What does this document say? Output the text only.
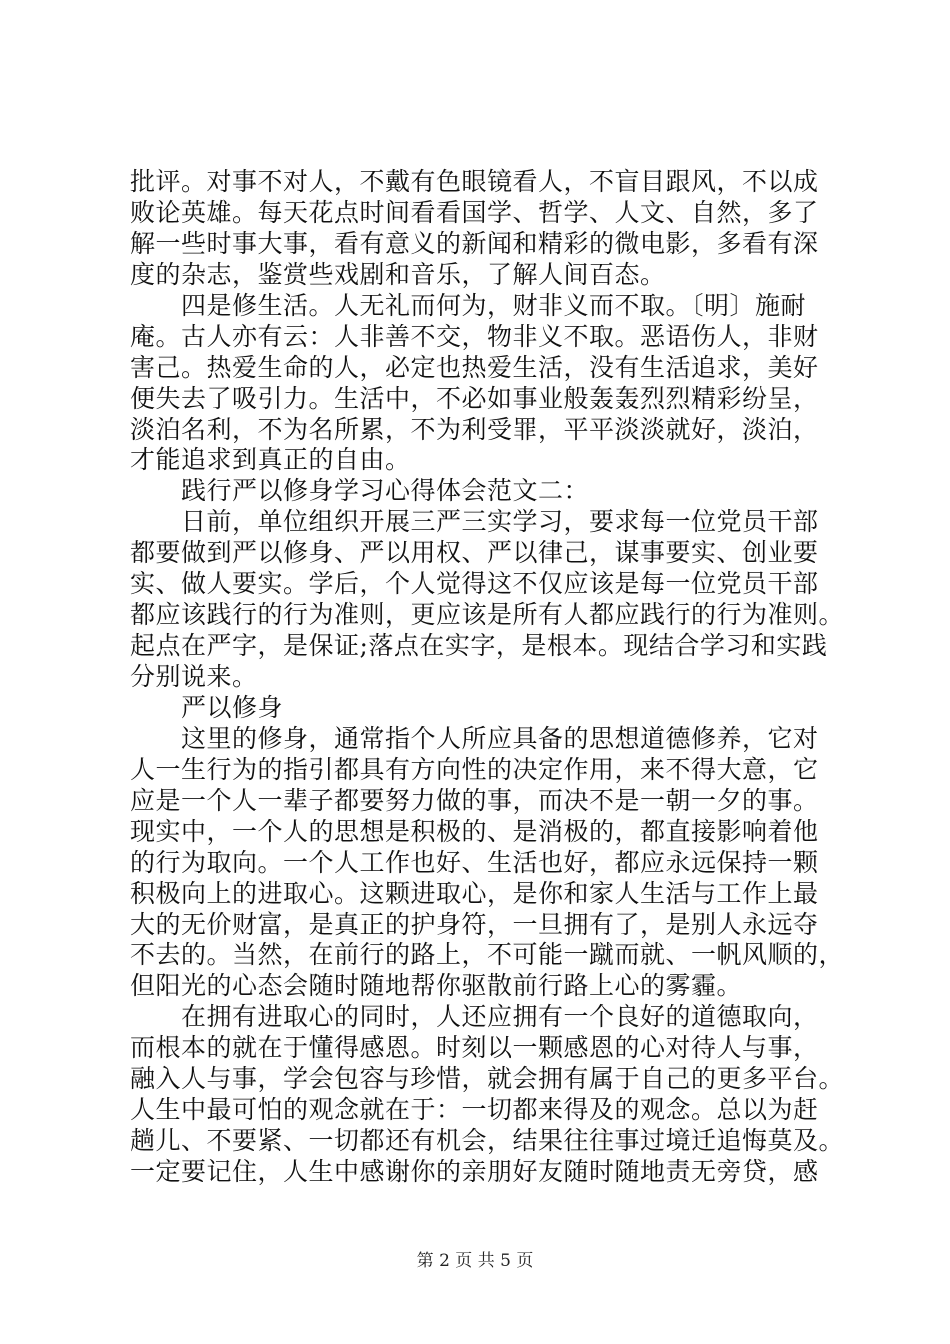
批评。对事不对人，不戴有色眼镜看人，不盲目跟风，不以成
败论英雄。每天花点时间看看国学、哲学、人文、自然，多了
解一些时事大事，看有意义的新闻和精彩的微电影，多看有深
度的杂志，鉴赏些戏剧和音乐，了解人间百态。
　　四是修生活。人无礼而何为，财非义而不取。〔明〕施耐
庵。古人亦有云：人非善不交，物非义不取。恶语伤人，非财
害己。热爱生命的人，必定也热爱生活，没有生活追求，美好
便失去了吸引力。生活中，不必如事业般轰轰烈烈精彩纷呈，
淡泊名利，不为名所累，不为利受罪，平平淡淡就好，淡泊，
才能追求到真正的自由。
　　践行严以修身学习心得体会范文二：
　　日前，单位组织开展三严三实学习，要求每一位党员干部
都要做到严以修身、严以用权、严以律己，谋事要实、创业要
实、做人要实。学后，个人觉得这不仅应该是每一位党员干部
都应该践行的行为准则，更应该是所有人都应践行的行为准则。
起点在严字，是保证;落点在实字，是根本。现结合学习和实践
分别说来。
　　严以修身
　　这里的修身，通常指个人所应具备的思想道德修养，它对
人一生行为的指引都具有方向性的决定作用，来不得大意，它
应是一个人一辈子都要努力做的事，而决不是一朝一夕的事。
现实中，一个人的思想是积极的、是消极的，都直接影响着他
的行为取向。一个人工作也好、生活也好，都应永远保持一颗
积极向上的进取心。这颗进取心，是你和家人生活与工作上最
大的无价财富，是真正的护身符，一旦拥有了，是别人永远夺
不去的。当然，在前行的路上，不可能一蹴而就、一帆风顺的，
但阳光的心态会随时随地帮你驱散前行路上心的雾霾。
　　在拥有进取心的同时，人还应拥有一个良好的道德取向，
而根本的就在于懂得感恩。时刻以一颗感恩的心对待人与事，
融入人与事，学会包容与珍惜，就会拥有属于自己的更多平台。
人生中最可怕的观念就在于：一切都来得及的观念。总以为赶
趟儿、不要紧、一切都还有机会，结果往往事过境迁追悔莫及。
一定要记住，人生中感谢你的亲朋好友随时随地责无旁贷，感
第 2 页 共 5 页
